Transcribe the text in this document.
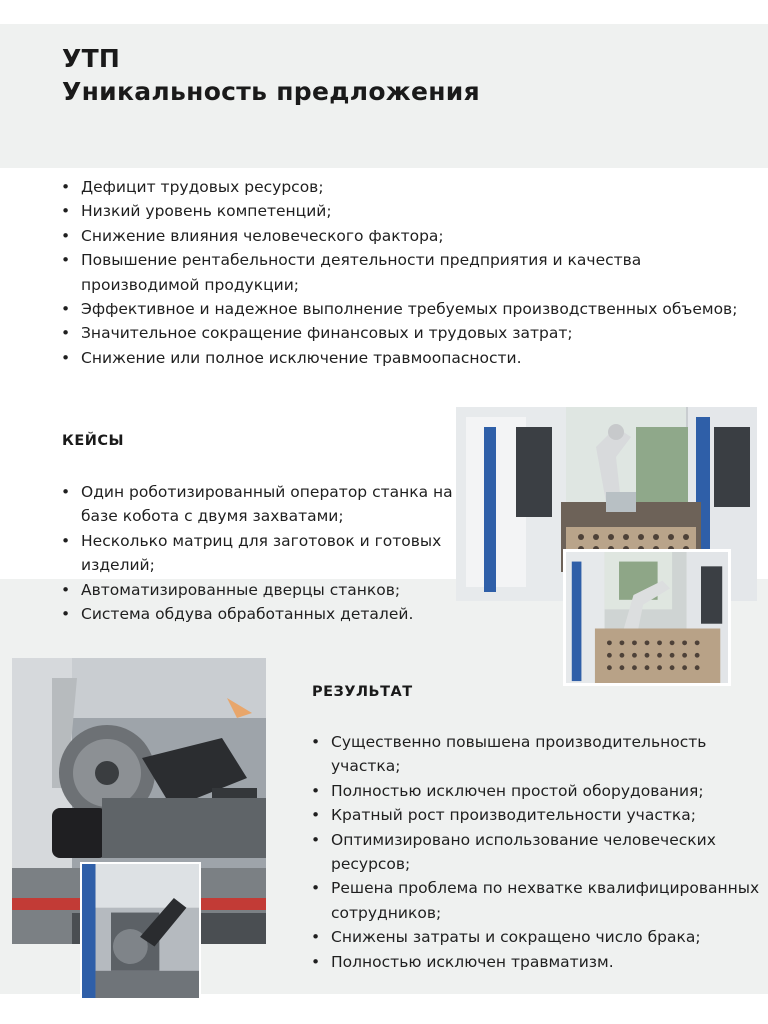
УТП
Уникальность предложения
• Дефицит трудовых ресурсов;
• Низкий уровень компетенций;
• Снижение влияния человеческого фактора;
• Повышение рентабельности деятельности предприятия и качества производимой продукции;
• Эффективное и надежное выполнение требуемых производственных объемов;
• Значительное сокращение финансовых и трудовых затрат;
• Снижение или полное исключение травмоопасности.
КЕЙСЫ
• Один роботизированный оператор станка на базе кобота с двумя захватами;
• Несколько матриц для заготовок и готовых изделий;
• Автоматизированные дверцы станков;
• Система обдува обработанных деталей.
РЕЗУЛЬТАТ
• Существенно повышена производительность участка;
• Полностью исключен простой оборудования;
• Кратный рост производительности участка;
• Оптимизировано использование человеческих ресурсов;
• Решена проблема по нехватке квалифицированных сотрудников;
• Снижены затраты и сокращено число брака;
• Полностью исключен травматизм.
